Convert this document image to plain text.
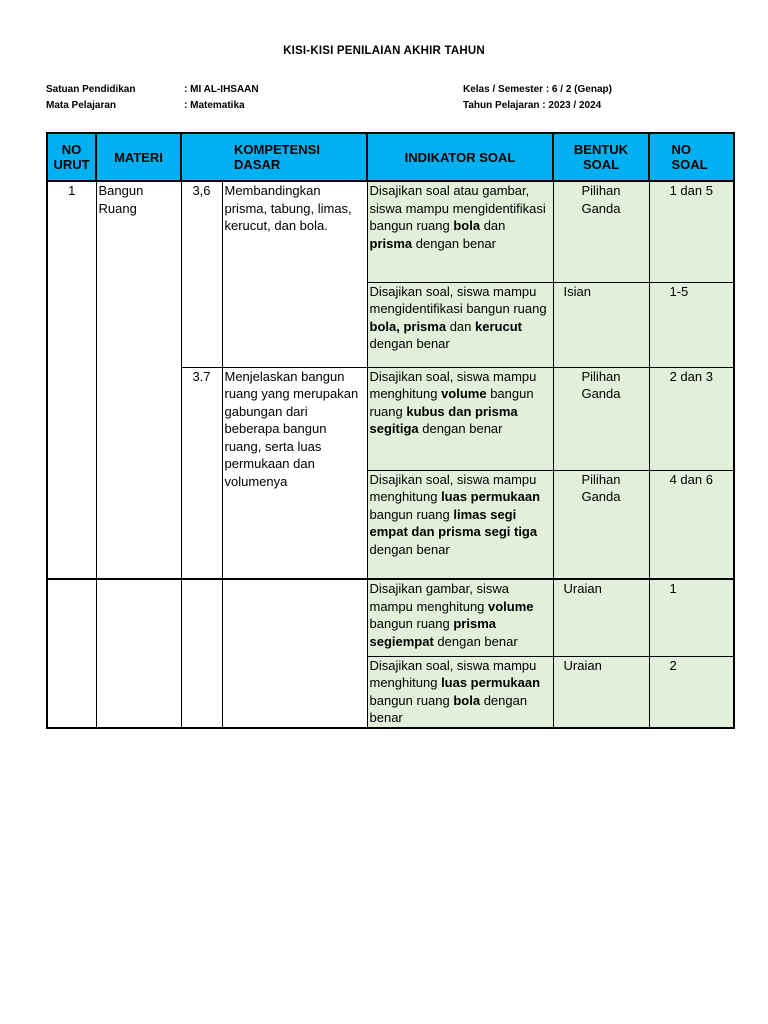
KISI-KISI PENILAIAN AKHIR TAHUN
Satuan Pendidikan	: MI AL-IHSAAN
Mata Pelajaran	: Matematika
Kelas / Semester : 6 / 2 (Genap)
Tahun Pelajaran : 2023 / 2024
NO URUT	MATERI	KOMPETENSI DASAR		INDIKATOR SOAL	BENTUK SOAL	NO SOAL
1	Bangun Ruang	3,6	Membandingkan prisma, tabung, limas, kerucut, dan bola.	Disajikan soal atau gambar, siswa mampu mengidentifikasi bangun ruang bola dan prisma dengan benar	Pilihan Ganda	1 dan 5
				Disajikan soal, siswa mampu mengidentifikasi bangun ruang bola, prisma dan kerucut dengan benar	Isian	1-5
		3.7	Menjelaskan bangun ruang yang merupakan gabungan dari beberapa bangun ruang, serta luas permukaan dan volumenya	Disajikan soal, siswa mampu menghitung volume bangun ruang kubus dan prisma segitiga dengan benar	Pilihan Ganda	2 dan 3
				Disajikan soal, siswa mampu menghitung luas permukaan bangun ruang limas segi empat dan prisma segi tiga dengan benar	Pilihan Ganda	4 dan 6
				Disajikan gambar, siswa mampu menghitung volume bangun ruang prisma segiempat dengan benar	Uraian	1
				Disajikan soal, siswa mampu menghitung luas permukaan bangun ruang bola dengan benar	Uraian	2
